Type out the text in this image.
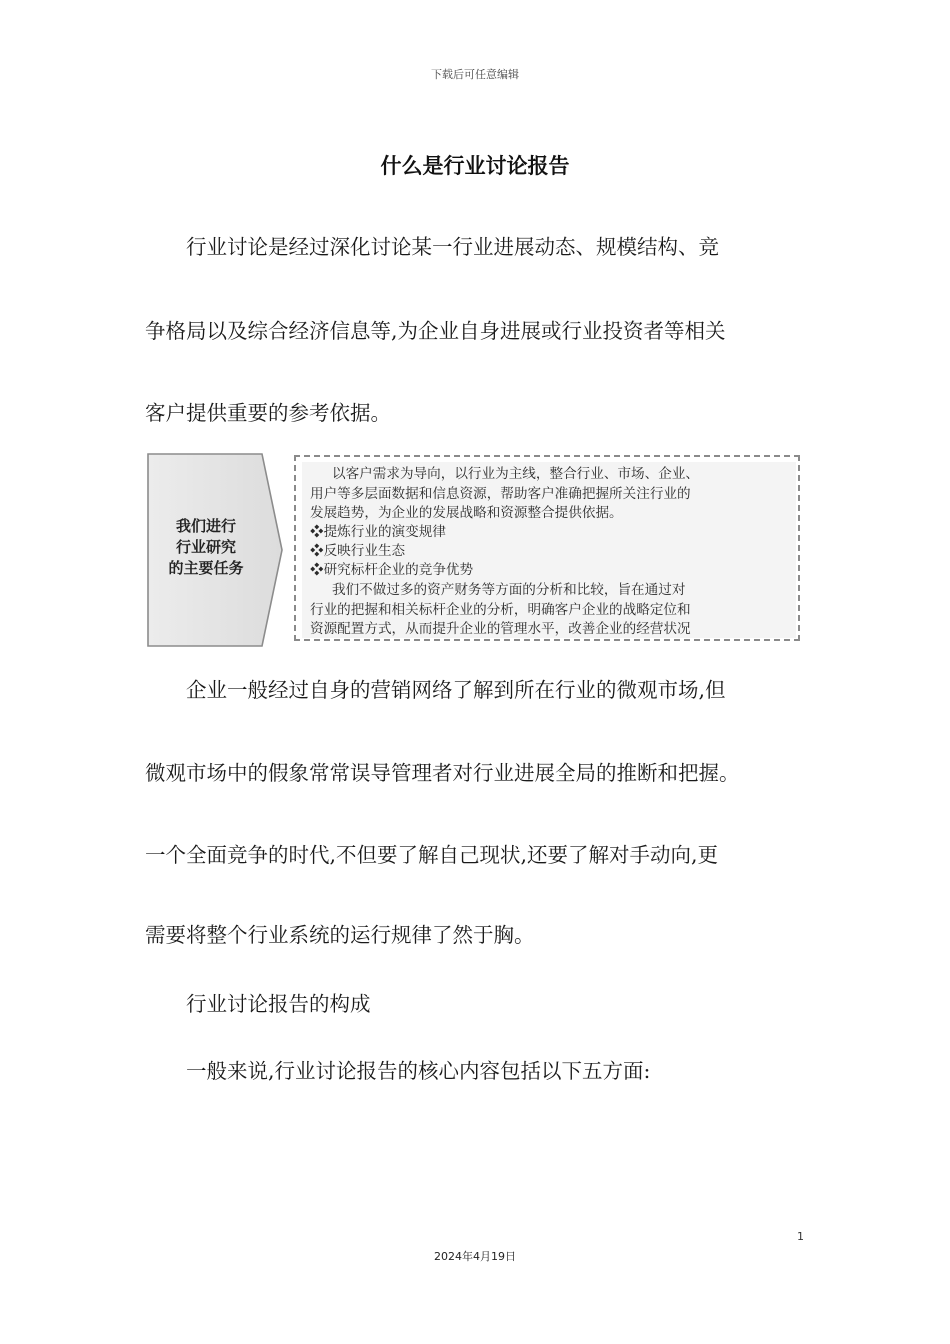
下载后可任意编辑
什么是行业讨论报告
　　行业讨论是经过深化讨论某一行业进展动态、规模结构、竞
争格局以及综合经济信息等,为企业自身进展或行业投资者等相关
客户提供重要的参考依据。
我们进行
行业研究
的主要任务
以客户需求为导向，以行业为主线，整合行业、市场、企业、
用户等多层面数据和信息资源，帮助客户准确把握所关注行业的
发展趋势，为企业的发展战略和资源整合提供依据。
❖提炼行业的演变规律
❖反映行业生态
❖研究标杆企业的竞争优势
我们不做过多的资产财务等方面的分析和比较，旨在通过对
行业的把握和相关标杆企业的分析，明确客户企业的战略定位和
资源配置方式，从而提升企业的管理水平，改善企业的经营状况
　　企业一般经过自身的营销网络了解到所在行业的微观市场,但
微观市场中的假象常常误导管理者对行业进展全局的推断和把握。
一个全面竞争的时代,不但要了解自己现状,还要了解对手动向,更
需要将整个行业系统的运行规律了然于胸。
　　行业讨论报告的构成
　　一般来说,行业讨论报告的核心内容包括以下五方面:
1
2024年4月19日
